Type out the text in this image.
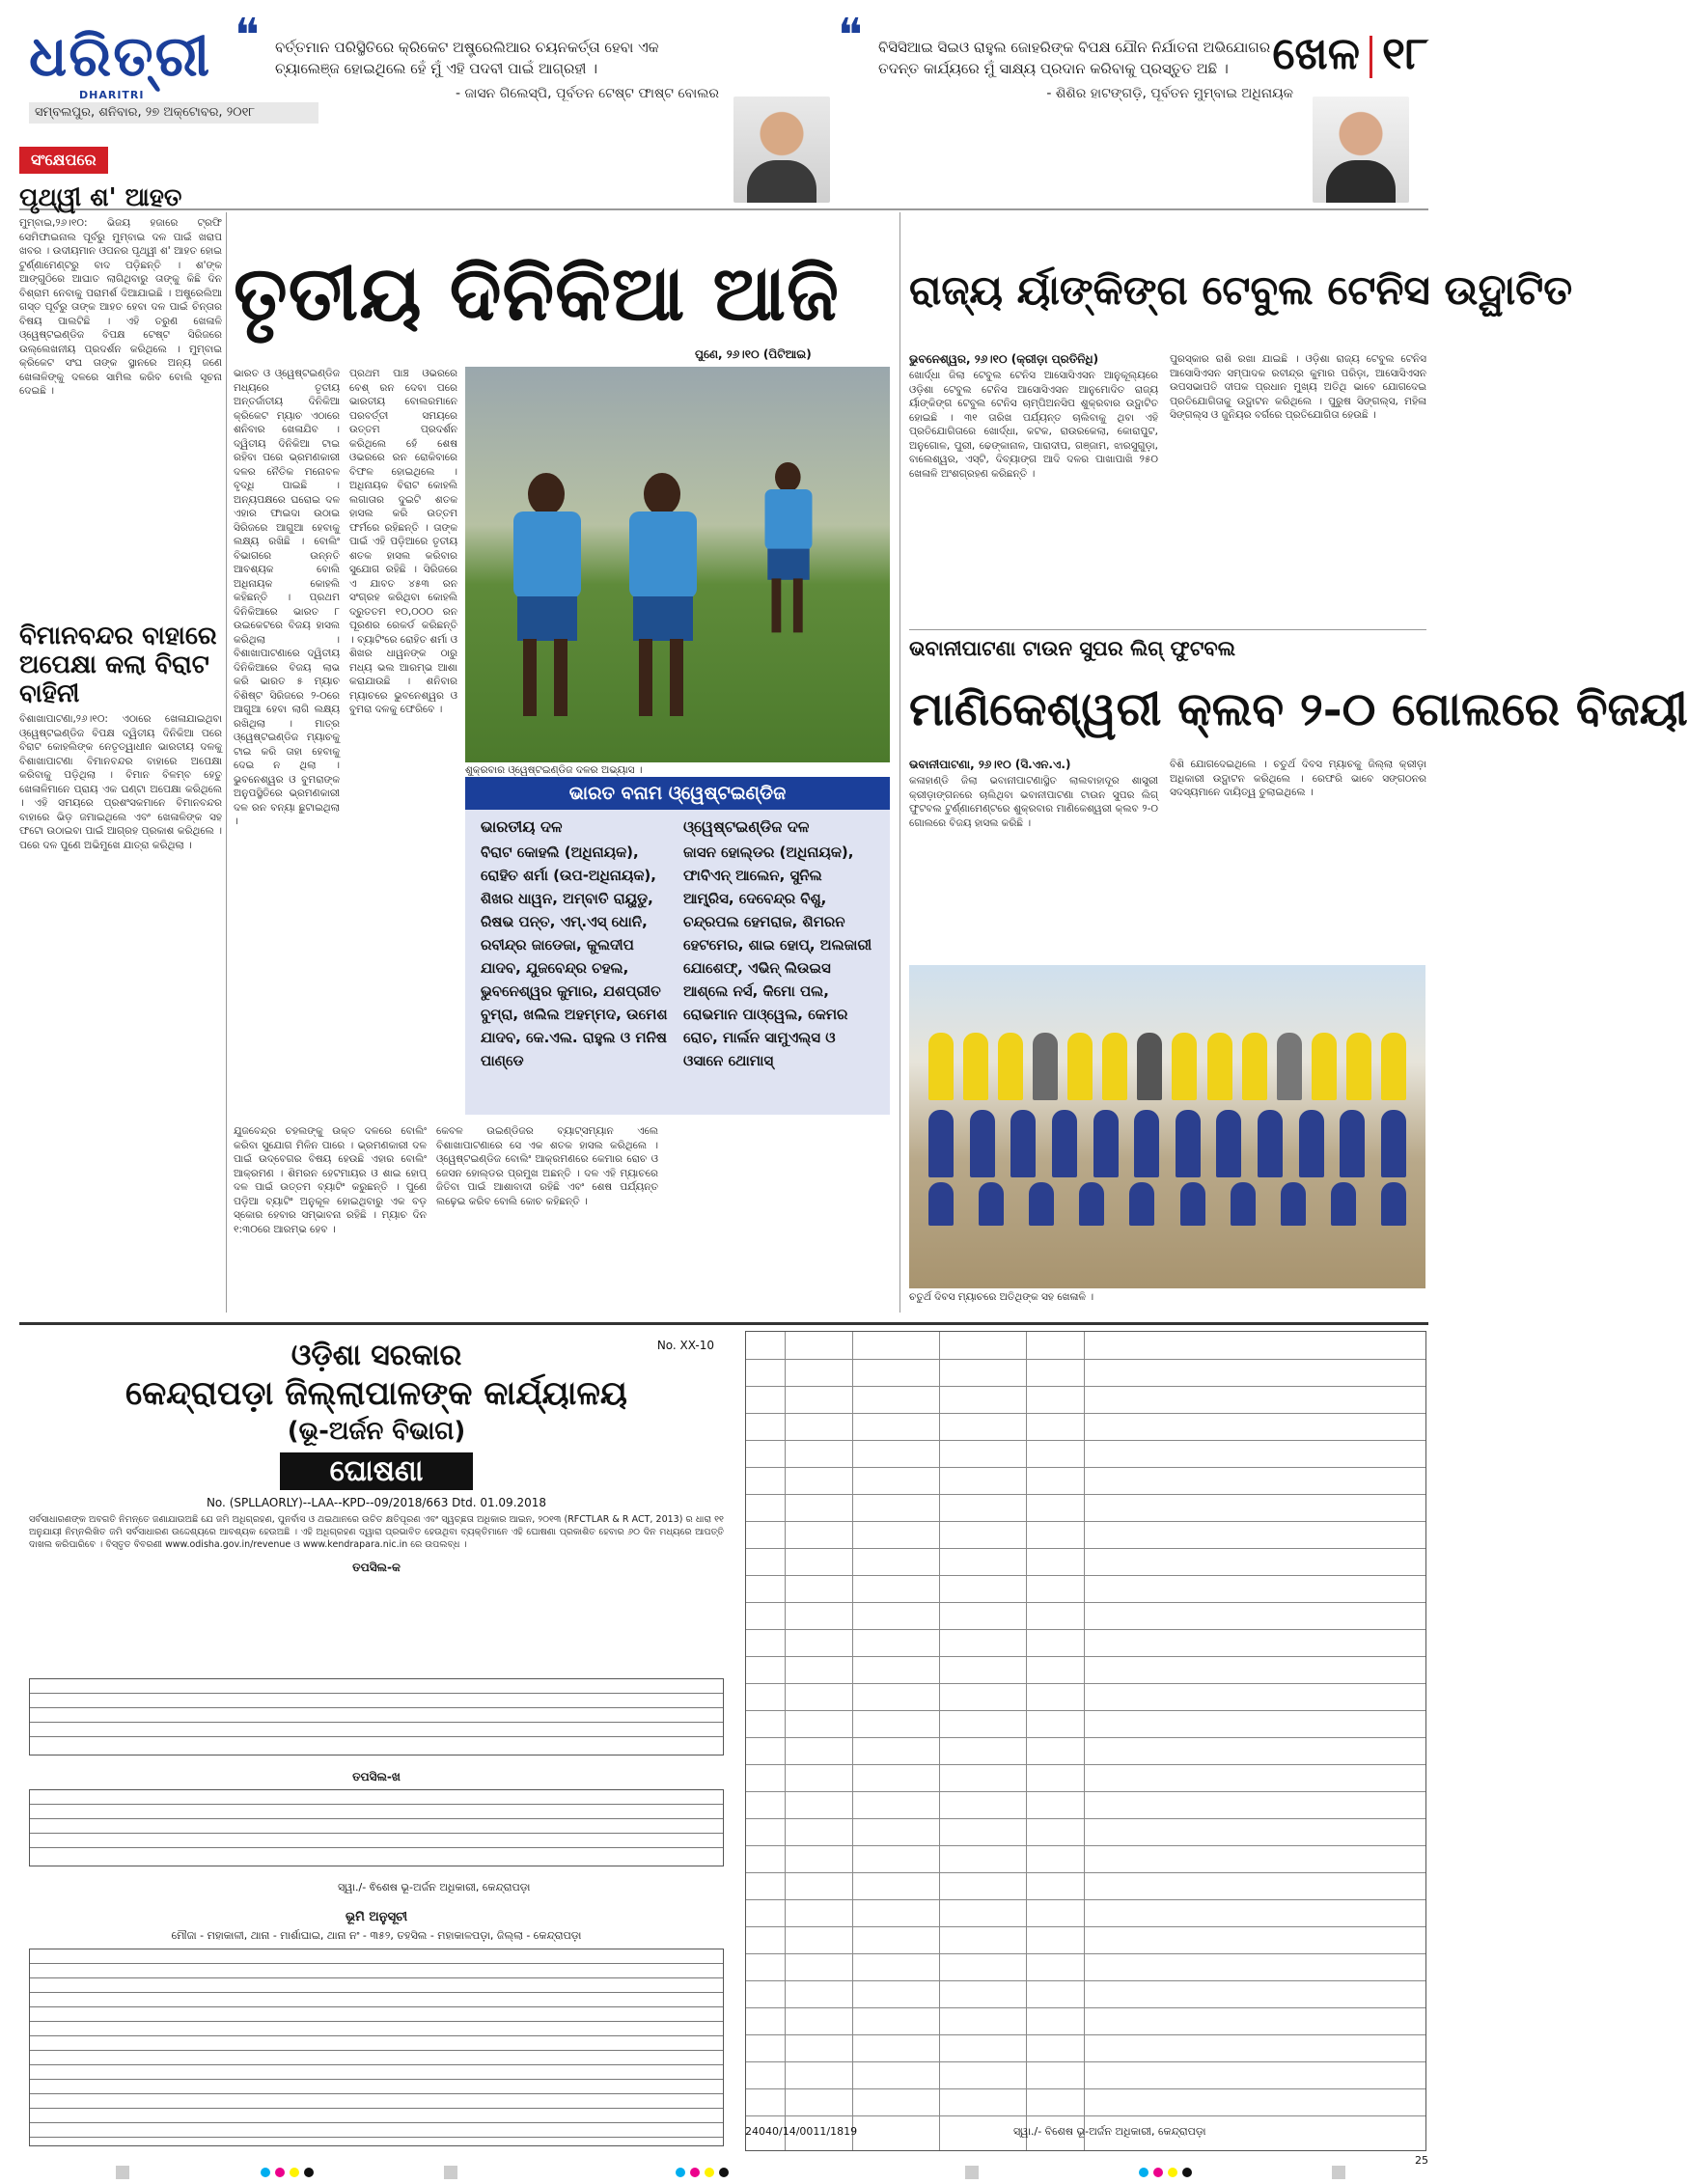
ଧରିତ୍ରୀ
DHARITRI
ସମ୍ବଲପୁର, ଶନିବାର, ୨୭ ଅକ୍ଟୋବର, ୨୦୧୮
❝ ବର୍ତ୍ତମାନ ପରିସ୍ଥିତିରେ କ୍ରିକେଟ ଅଷ୍ଟ୍ରେଲିଆର ଚୟନକର୍ତ୍ତା ହେବା ଏକ ଚ୍ୟାଲେଞ୍ଜ ହୋଇଥିଲେ ହେଁ ମୁଁ ଏହି ପଦବୀ ପାଇଁ ଆଗ୍ରହୀ ।
- ଜାସନ ଗିଲେସ୍ପି, ପୂର୍ବତନ ଟେଷ୍ଟ ଫାଷ୍ଟ ବୋଲର
❝ ବିସିସିଆଇ ସିଇଓ ରାହୁଲ ଜୋହରିଙ୍କ ବିପକ୍ଷ ଯୌନ ନିର୍ଯାତନା ଅଭିଯୋଗର ତଦନ୍ତ କାର୍ଯ୍ୟରେ ମୁଁ ସାକ୍ଷ୍ୟ ପ୍ରଦାନ କରିବାକୁ ପ୍ରସ୍ତୁତ ଅଛି ।
- ଶିଶିର ହାଟଙ୍ଗଡ଼ି, ପୂର୍ବତନ ମୁମ୍ବାଇ ଅଧିନାୟକ
ଖେଳ ୧୮
ସଂକ୍ଷେପରେ
ପୃଥ୍ୱୀ ଶ' ଆହତ
ମୁମ୍ବାଇ,୨୬।୧୦: ଭିଜୟ ହଜାରେ ଟ୍ରଫି ସେମିଫାଇନାଲ ପୂର୍ବରୁ ମୁମ୍ବାଇ ଦଳ ପାଇଁ ଖରାପ ଖବର । ଉଦୀୟମାନ ଓପନର ପୃଥ୍ୱୀ ଶ' ଆହତ ହୋଇ ଟୁର୍ଣ୍ଣାମେଣ୍ଟରୁ ବାଦ ପଡ଼ିଛନ୍ତି । ଶ'ଙ୍କ ଆଙ୍ଗୁଠିରେ ଆଘାତ ଲାଗିଥିବାରୁ ତାଙ୍କୁ କିଛି ଦିନ ବିଶ୍ରାମ ନେବାକୁ ପରାମର୍ଶ ଦିଆଯାଇଛି । ଅଷ୍ଟ୍ରେଲିଆ ଗସ୍ତ ପୂର୍ବରୁ ତାଙ୍କ ଆହତ ହେବା ଦଳ ପାଇଁ ଚିନ୍ତାର ବିଷୟ ପାଲଟିଛି । ଏହି ତରୁଣ ଖେଳାଳି ଓ୍ୱେଷ୍ଟଇଣ୍ଡିଜ ବିପକ୍ଷ ଟେଷ୍ଟ ସିରିଜରେ ଉଲ୍ଲେଖନୀୟ ପ୍ରଦର୍ଶନ କରିଥିଲେ । ମୁମ୍ବାଇ କ୍ରିକେଟ ସଂଘ ତାଙ୍କ ସ୍ଥାନରେ ଅନ୍ୟ ଜଣେ ଖେଳାଳିଙ୍କୁ ଦଳରେ ସାମିଲ କରିବ ବୋଲି ସୂଚନା ଦେଇଛି ।
ବିମାନବନ୍ଦର ବାହାରେ ଅପେକ୍ଷା କଲା ବିରାଟ ବାହିନୀ
ବିଶାଖାପାଟଣା,୨୬।୧୦: ଏଠାରେ ଖେଳାଯାଇଥିବା ଓ୍ୱେଷ୍ଟଇଣ୍ଡିଜ ବିପକ୍ଷ ଦ୍ୱିତୀୟ ଦିନିକିଆ ପରେ ବିରାଟ କୋହଲିଙ୍କ ନେତୃତ୍ୱାଧୀନ ଭାରତୀୟ ଦଳକୁ ବିଶାଖାପାଟଣା ବିମାନବନ୍ଦର ବାହାରେ ଅପେକ୍ଷା କରିବାକୁ ପଡ଼ିଥିଲା । ବିମାନ ବିଳମ୍ବ ହେତୁ ଖେଳାଳିମାନେ ପ୍ରାୟ ଏକ ଘଣ୍ଟା ଅପେକ୍ଷା କରିଥିଲେ । ଏହି ସମୟରେ ପ୍ରଶଂସକମାନେ ବିମାନବନ୍ଦର ବାହାରେ ଭିଡ଼ ଜମାଇଥିଲେ ଏବଂ ଖେଳାଳିଙ୍କ ସହ ଫଟୋ ଉଠାଇବା ପାଇଁ ଆଗ୍ରହ ପ୍ରକାଶ କରିଥିଲେ । ପରେ ଦଳ ପୁଣେ ଅଭିମୁଖେ ଯାତ୍ରା କରିଥିଲା ।
ତୃତୀୟ ଦିନିକିଆ ଆଜି
ପୁଣେ, ୨୬।୧୦ (ପିଟିଆଇ)
ଭାରତ ଓ ଓ୍ୱେଷ୍ଟଇଣ୍ଡିଜ ମଧ୍ୟରେ ତୃତୀୟ ଅନ୍ତର୍ଜାତୀୟ ଦିନିକିଆ କ୍ରିକେଟ ମ୍ୟାଚ ଏଠାରେ ଶନିବାର ଖେଳାଯିବ । ଦ୍ୱିତୀୟ ଦିନିକିଆ ଟାଇ ରହିବା ପରେ ଭ୍ରମଣକାରୀ ଦଳର ନୈତିକ ମନୋବଳ ବୃଦ୍ଧି ପାଇଛି । ଅନ୍ୟପକ୍ଷରେ ଘରୋଇ ଦଳ ଏହାର ଫାଇଦା ଉଠାଇ ସିରିଜରେ ଆଗୁଆ ହେବାକୁ ଲକ୍ଷ୍ୟ ରଖିଛି । ବୋଲିଂ ବିଭାଗରେ ଉନ୍ନତି ଆବଶ୍ୟକ ବୋଲି ଅଧିନାୟକ କୋହଲି କହିଛନ୍ତି । ପ୍ରଥମ ଦିନିକିଆରେ ଭାରତ ୮ ଉଇକେଟରେ ବିଜୟ ହାସଲ କରିଥିଲା । ବିଶାଖାପାଟଣାରେ ଦ୍ୱିତୀୟ ଦିନିକିଆରେ ବିଜୟ ଲାଭ କରି ଭାରତ ୫ ମ୍ୟାଚ ବିଶିଷ୍ଟ ସିରିଜରେ ୨-୦ରେ ଆଗୁଆ ହେବା ଲାଗି ଲକ୍ଷ୍ୟ ରଖିଥିଲା । ମାତ୍ର ଓ୍ୱେଷ୍ଟଇଣ୍ଡିଜ ମ୍ୟାଚକୁ ଟାଇ କରି ତାହା ହେବାକୁ ଦେଇ ନ ଥିଲା । ଭୁବନେଶ୍ୱର ଓ ବୁମରାଙ୍କ ଅନୁପସ୍ଥିତିରେ ଭ୍ରମଣକାରୀ ଦଳ ରନ ବନ୍ୟା ଛୁଟାଇଥିଲା ।
ପ୍ରଥମ ପାଞ୍ଚ ଓଭରରେ ବେଶ୍ ରନ ଦେବା ପରେ ଭାରତୀୟ ବୋଲରମାନେ ପରବର୍ତ୍ତୀ ସମୟରେ ଉତ୍ତମ ପ୍ରଦର୍ଶନ କରିଥିଲେ ହେଁ ଶେଷ ଓଭରରେ ରନ ରୋକିବାରେ ବିଫଳ ହୋଇଥିଲେ । ଅଧିନାୟକ ବିରାଟ କୋହଲି ଲଗାତାର ଦୁଇଟି ଶତକ ହାସଲ କରି ଉତ୍ତମ ଫର୍ମରେ ରହିଛନ୍ତି । ତାଙ୍କ ପାଇଁ ଏହି ପଡ଼ିଆରେ ତୃତୀୟ ଶତକ ହାସଲ କରିବାର ସୁଯୋଗ ରହିଛି । ସିରିଜରେ ଏ ଯାବତ ୪୫୩ ରନ ସଂଗ୍ରହ କରିଥିବା କୋହଲି ଦ୍ରୁତତମ ୧୦,୦୦୦ ରନ ପୂରଣର ରେକର୍ଡ କରିଛନ୍ତି । ବ୍ୟାଟିଂରେ ରୋହିତ ଶର୍ମା ଓ ଶିଖର ଧାୱନଙ୍କ ଠାରୁ ମଧ୍ୟ ଭଲ ଆରମ୍ଭ ଆଶା କରାଯାଉଛି । ଶନିବାର ମ୍ୟାଚରେ ଭୁବନେଶ୍ୱର ଓ ବୁମରା ଦଳକୁ ଫେରିବେ ।
ଶୁକ୍ରବାର ଓ୍ୱେଷ୍ଟଇଣ୍ଡିଜ ଦଳର ଅଭ୍ୟାସ ।
ଭାରତ ବନାମ ଓ୍ୱେଷ୍ଟଇଣ୍ଡିଜ
ଭାରତୀୟ ଦଳ

ବିରାଟ କୋହଲି (ଅଧିନାୟକ), ରୋହିତ ଶର୍ମା (ଉପ-ଅଧିନାୟକ), ଶିଖର ଧାୱନ, ଅମ୍ବାତି ରାୟୁଡୁ, ରିଷଭ ପନ୍ତ, ଏମ୍.ଏସ୍ ଧୋନି, ରବୀନ୍ଦ୍ର ଜାଡେଜା, କୁଲଦୀପ ଯାଦବ, ଯୁଜବେନ୍ଦ୍ର ଚହଲ, ଭୁବନେଶ୍ୱର କୁମାର, ଯଶପ୍ରୀତ ବୁମ୍ରା, ଖଲିଲ ଅହମ୍ମଦ, ଉମେଶ ଯାଦବ, କେ.ଏଲ. ରାହୁଲ ଓ ମନିଷ ପାଣ୍ଡେ

ଓ୍ୱେଷ୍ଟଇଣ୍ଡିଜ ଦଳ

ଜାସନ ହୋଲ୍ଡର (ଅଧିନାୟକ), ଫାବିଏନ୍ ଆଲେନ, ସୁନିଲ ଆମ୍ବ୍ରିସ, ଦେବେନ୍ଦ୍ର ବିଶୁ, ଚନ୍ଦ୍ରପଲ ହେମରାଜ, ଶିମରନ ହେଟମେର, ଶାଇ ହୋପ୍, ଅଲଜାରୀ ଯୋଶେଫ୍, ଏଭିନ୍ ଲିଉଇସ ଆଶ୍ଲେ ନର୍ସ, କିମୋ ପଲ, ରୋଭମାନ ପାଓ୍ୱେଲ, କେମର ରୋଚ, ମାର୍ଲନ ସାମୁଏଲ୍ସ ଓ ଓସାନେ ଥୋମାସ୍

ଯୁଜବେନ୍ଦ୍ର ଚହଲଙ୍କୁ ଉକ୍ତ ଦଳରେ ବୋଲିଂ କରିବା ସୁଯୋଗ ମିଳିନ ପାରେ । ଭ୍ରମଣକାରୀ ଦଳ ପାଇଁ ଉଦ୍ବେଗର ବିଷୟ ହେଉଛି ଏହାର ବୋଲିଂ ଆକ୍ରମଣ । ଶିମରନ ହେଟମାୟର ଓ ଶାଇ ହୋପ୍ ଦଳ ପାଇଁ ଉତ୍ତମ ବ୍ୟାଟିଂ କରୁଛନ୍ତି । ପୁଣେ ପଡ଼ିଆ ବ୍ୟାଟିଂ ଅନୁକୂଳ ହୋଇଥିବାରୁ ଏକ ବଡ଼ ସ୍କୋର ହେବାର ସମ୍ଭାବନା ରହିଛି । ମ୍ୟାଚ ଦିନ ୧:୩୦ରେ ଆରମ୍ଭ ହେବ ।
କେବଳ ଉଇଣ୍ଡିଜର ବ୍ୟାଟ୍ସମ୍ୟାନ ଏଲେ ବିଶାଖାପାଟଣାରେ ସେ ଏକ ଶତକ ହାସଲ କରିଥିଲେ । ଓ୍ୱେଷ୍ଟଇଣ୍ଡିଜ ବୋଲିଂ ଆକ୍ରମଣରେ କେମାର ରୋଚ ଓ ଜେସନ ହୋଲ୍ଡର ପ୍ରମୁଖ ଅଛନ୍ତି । ଦଳ ଏହି ମ୍ୟାଚରେ ଜିତିବା ପାଇଁ ଆଶାବାଦୀ ରହିଛି ଏବଂ ଶେଷ ପର୍ଯ୍ୟନ୍ତ ଲଢ଼େଇ କରିବ ବୋଲି କୋଚ କହିଛନ୍ତି ।
ରାଜ୍ୟ ର୍ୟାଙ୍କିଙ୍ଗ ଟେବୁଲ ଟେନିସ ଉଦ୍ଘାଟିତ
ଭୁବନେଶ୍ୱର, ୨୬।୧୦ (କ୍ରୀଡ଼ା ପ୍ରତିନିଧି)
ଖୋର୍ଦ୍ଧା ଜିଲା ଟେବୁଲ ଟେନିସ ଆସୋସିଏସନ ଆନୁକୂଲ୍ୟରେ ଓଡ଼ିଶା ଟେବୁଲ ଟେନିସ ଆସୋସିଏସନ ଆନୁମୋଦିତ ରାଜ୍ୟ ର୍ୟାଙ୍କିଙ୍ଗ ଟେବୁଲ ଟେନିସ ଚାମ୍ପିଅନସିପ ଶୁକ୍ରବାର ଉଦ୍ଘାଟିତ ହୋଇଛି । ୩୧ ତାରିଖ ପର୍ଯ୍ୟନ୍ତ ଚାଲିବାକୁ ଥିବା ଏହି ପ୍ରତିଯୋଗିତାରେ ଖୋର୍ଦ୍ଧା, କଟକ, ରାଉରକେଲା, କୋରାପୁଟ, ଅନୁଗୋଳ, ପୁରୀ, ଢେଙ୍କାନାଳ, ପାରାଦୀପ, ଗଞ୍ଜାମ, ଝାରସୁଗୁଡ଼ା, ବାଲେଶ୍ୱର, ଏସ୍‌ଟି, ଦିବ୍ୟାଙ୍ଗ ଆଦି ଦଳର ପାଖାପାଖି ୨୫୦ ଖେଳାଳି ଅଂଶଗ୍ରହଣ କରିଛନ୍ତି ।
ପୁରସ୍କାର ରାଶି ରଖା ଯାଇଛି । ଓଡ଼ିଶା ରାଜ୍ୟ ଟେବୁଲ ଟେନିସ ଆସୋସିଏସନ ସମ୍ପାଦକ ରବୀନ୍ଦ୍ର କୁମାର ପରିଡ଼ା, ଆସୋସିଏସନ ଉପସଭାପତି ଦୀପକ ପ୍ରଧାନ ମୁଖ୍ୟ ଅତିଥି ଭାବେ ଯୋଗଦେଇ ପ୍ରତିଯୋଗିତାକୁ ଉଦ୍ଘାଟନ କରିଥିଲେ । ପୁରୁଷ ସିଙ୍ଗଲ୍ସ, ମହିଳା ସିଙ୍ଗଲ୍ସ ଓ ଜୁନିୟର ବର୍ଗରେ ପ୍ରତିଯୋଗିତା ହେଉଛି ।
ଭବାନୀପାଟଣା ଟାଉନ ସୁପର ଲିଗ୍ ଫୁଟବଲ
ମାଣିକେଶ୍ୱରୀ କ୍ଲବ ୨-୦ ଗୋଲରେ ବିଜୟୀ
ଭବାନୀପାଟଣା, ୨୬।୧୦ (ସି.ଏନ.ଏ.)
କଳାହାଣ୍ଡି ଜିଲା ଭବାନୀପାଟଣାସ୍ଥିତ ଲାଲବାହାଦୂର ଶାସ୍ତ୍ରୀ କ୍ରୀଡ଼ାଙ୍ଗନରେ ଚାଲିଥିବା ଭବାନୀପାଟଣା ଟାଉନ ସୁପର ଲିଗ୍ ଫୁଟବଲ ଟୁର୍ଣ୍ଣାମେଣ୍ଟରେ ଶୁକ୍ରବାର ମାଣିକେଶ୍ୱରୀ କ୍ଲବ ୨-୦ ଗୋଲରେ ବିଜୟ ହାସଲ କରିଛି ।
ବିଶି ଯୋଗଦେଇଥିଲେ । ଚତୁର୍ଥ ଦିବସ ମ୍ୟାଚକୁ ଜିଲ୍ଲା କ୍ରୀଡ଼ା ଅଧିକାରୀ ଉଦ୍ଘାଟନ କରିଥିଲେ । ରେଫରି ଭାବେ ସଙ୍ଗଠନର ସଦସ୍ୟମାନେ ଦାୟିତ୍ୱ ତୁଲାଇଥିଲେ ।
ଚତୁର୍ଥ ଦିବସ ମ୍ୟାଚରେ ଅତିଥିଙ୍କ ସହ ଖେଳାଳି ।
No. XX-10
ଓଡ଼ିଶା ସରକାର
କେନ୍ଦ୍ରାପଡ଼ା ଜିଲ୍ଲାପାଳଙ୍କ କାର୍ଯ୍ୟାଳୟ
(ଭୂ-ଅର୍ଜନ ବିଭାଗ)
ଘୋଷଣା
No. (SPLLAORLY)--LAA--KPD--09/2018/663 Dtd. 01.09.2018
ସର୍ବସାଧାରଣଙ୍କ ଅବଗତି ନିମନ୍ତେ ଜଣାଯାଉଅଛି ଯେ ଜମି ଅଧିଗ୍ରହଣ, ପୁନର୍ବାସ ଓ ଥଇଥାନରେ ଉଚିତ କ୍ଷତିପୂରଣ ଏବଂ ସ୍ୱଚ୍ଛତା ଅଧିକାର ଆଇନ, ୨୦୧୩ (RFCTLAR & R ACT, 2013) ର ଧାରା ୧୧ ଅନୁଯାୟୀ ନିମ୍ନଲିଖିତ ଜମି ସର୍ବସାଧାରଣ ଉଦ୍ଦେଶ୍ୟରେ ଆବଶ୍ୟକ ହେଉଅଛି । ଏହି ଅଧିଗ୍ରହଣ ଦ୍ୱାରା ପ୍ରଭାବିତ ହେଉଥିବା ବ୍ୟକ୍ତିମାନେ ଏହି ଘୋଷଣା ପ୍ରକାଶିତ ହେବାର ୬୦ ଦିନ ମଧ୍ୟରେ ଆପତ୍ତି ଦାଖଲ କରିପାରିବେ । ବିସ୍ତୃତ ବିବରଣୀ www.odisha.gov.in/revenue ଓ www.kendrapara.nic.in ରେ ଉପଲବ୍ଧ ।
ତପସିଲ-କ
ତପସିଲ-ଖ
ସ୍ୱା./- ଵିଶେଷ ଭୂ-ଅର୍ଜନ ଅଧିକାରୀ, କେନ୍ଦ୍ରାପଡ଼ା
ଭୂମି ଅନୁସୂଚୀ
ମୌଜା - ମହାକାଳୀ, ଥାନା - ମାର୍ଶାଘାଇ, ଥାନା ନଂ - ୩୫୨, ତହସିଲ - ମହାକାଳପଡ଼ା, ଜିଲ୍ଲା - କେନ୍ଦ୍ରାପଡ଼ା
24040/14/0011/1819	ସ୍ୱା./- ବିଶେଷ ଭୂ-ଅର୍ଜନ ଅଧିକାରୀ, କେନ୍ଦ୍ରାପଡ଼ା
25
